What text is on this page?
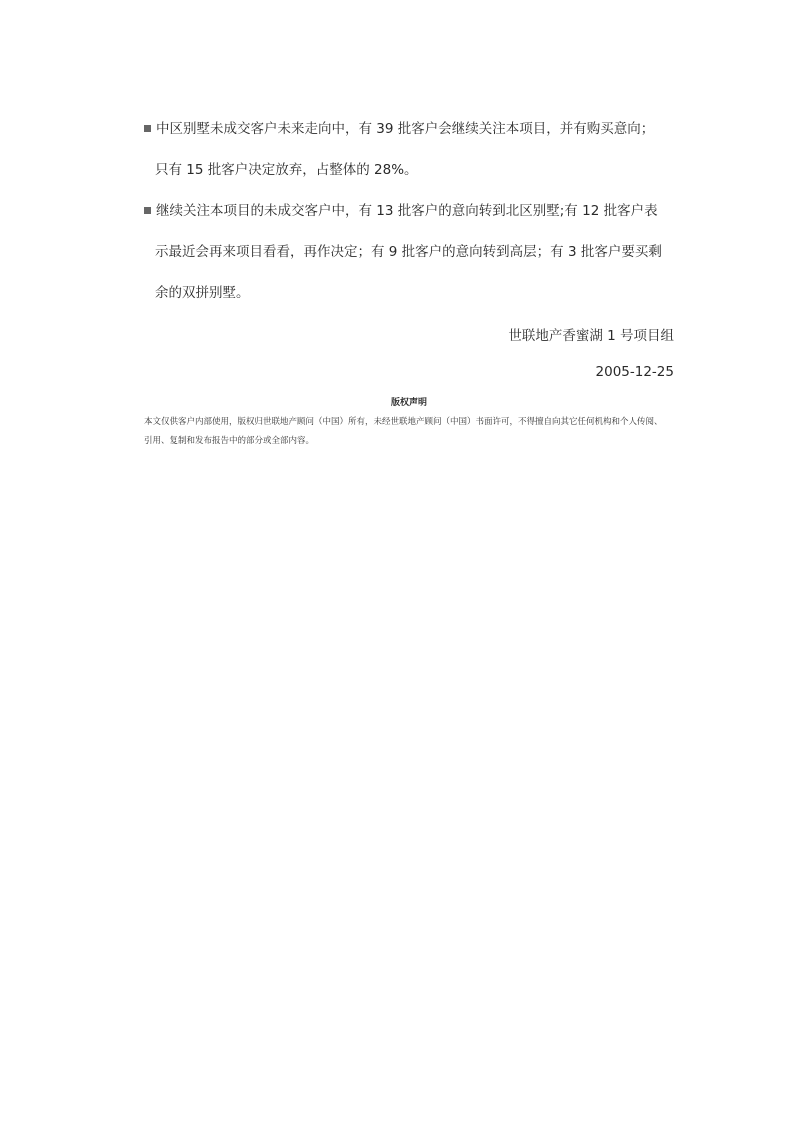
中区别墅未成交客户未来走向中，有 39 批客户会继续关注本项目，并有购买意向；
只有 15 批客户决定放弃，占整体的 28%。
继续关注本项目的未成交客户中，有 13 批客户的意向转到北区别墅;有 12 批客户表
示最近会再来项目看看，再作决定；有 9 批客户的意向转到高层；有 3 批客户要买剩
余的双拼别墅。
世联地产香蜜湖 1 号项目组
2005-12-25
版权声明

本文仅供客户内部使用，版权归世联地产顾问（中国）所有，未经世联地产顾问（中国）书面许可，不得擅自向其它任何机构和个人传阅、

引用、复制和发布报告中的部分或全部内容。
